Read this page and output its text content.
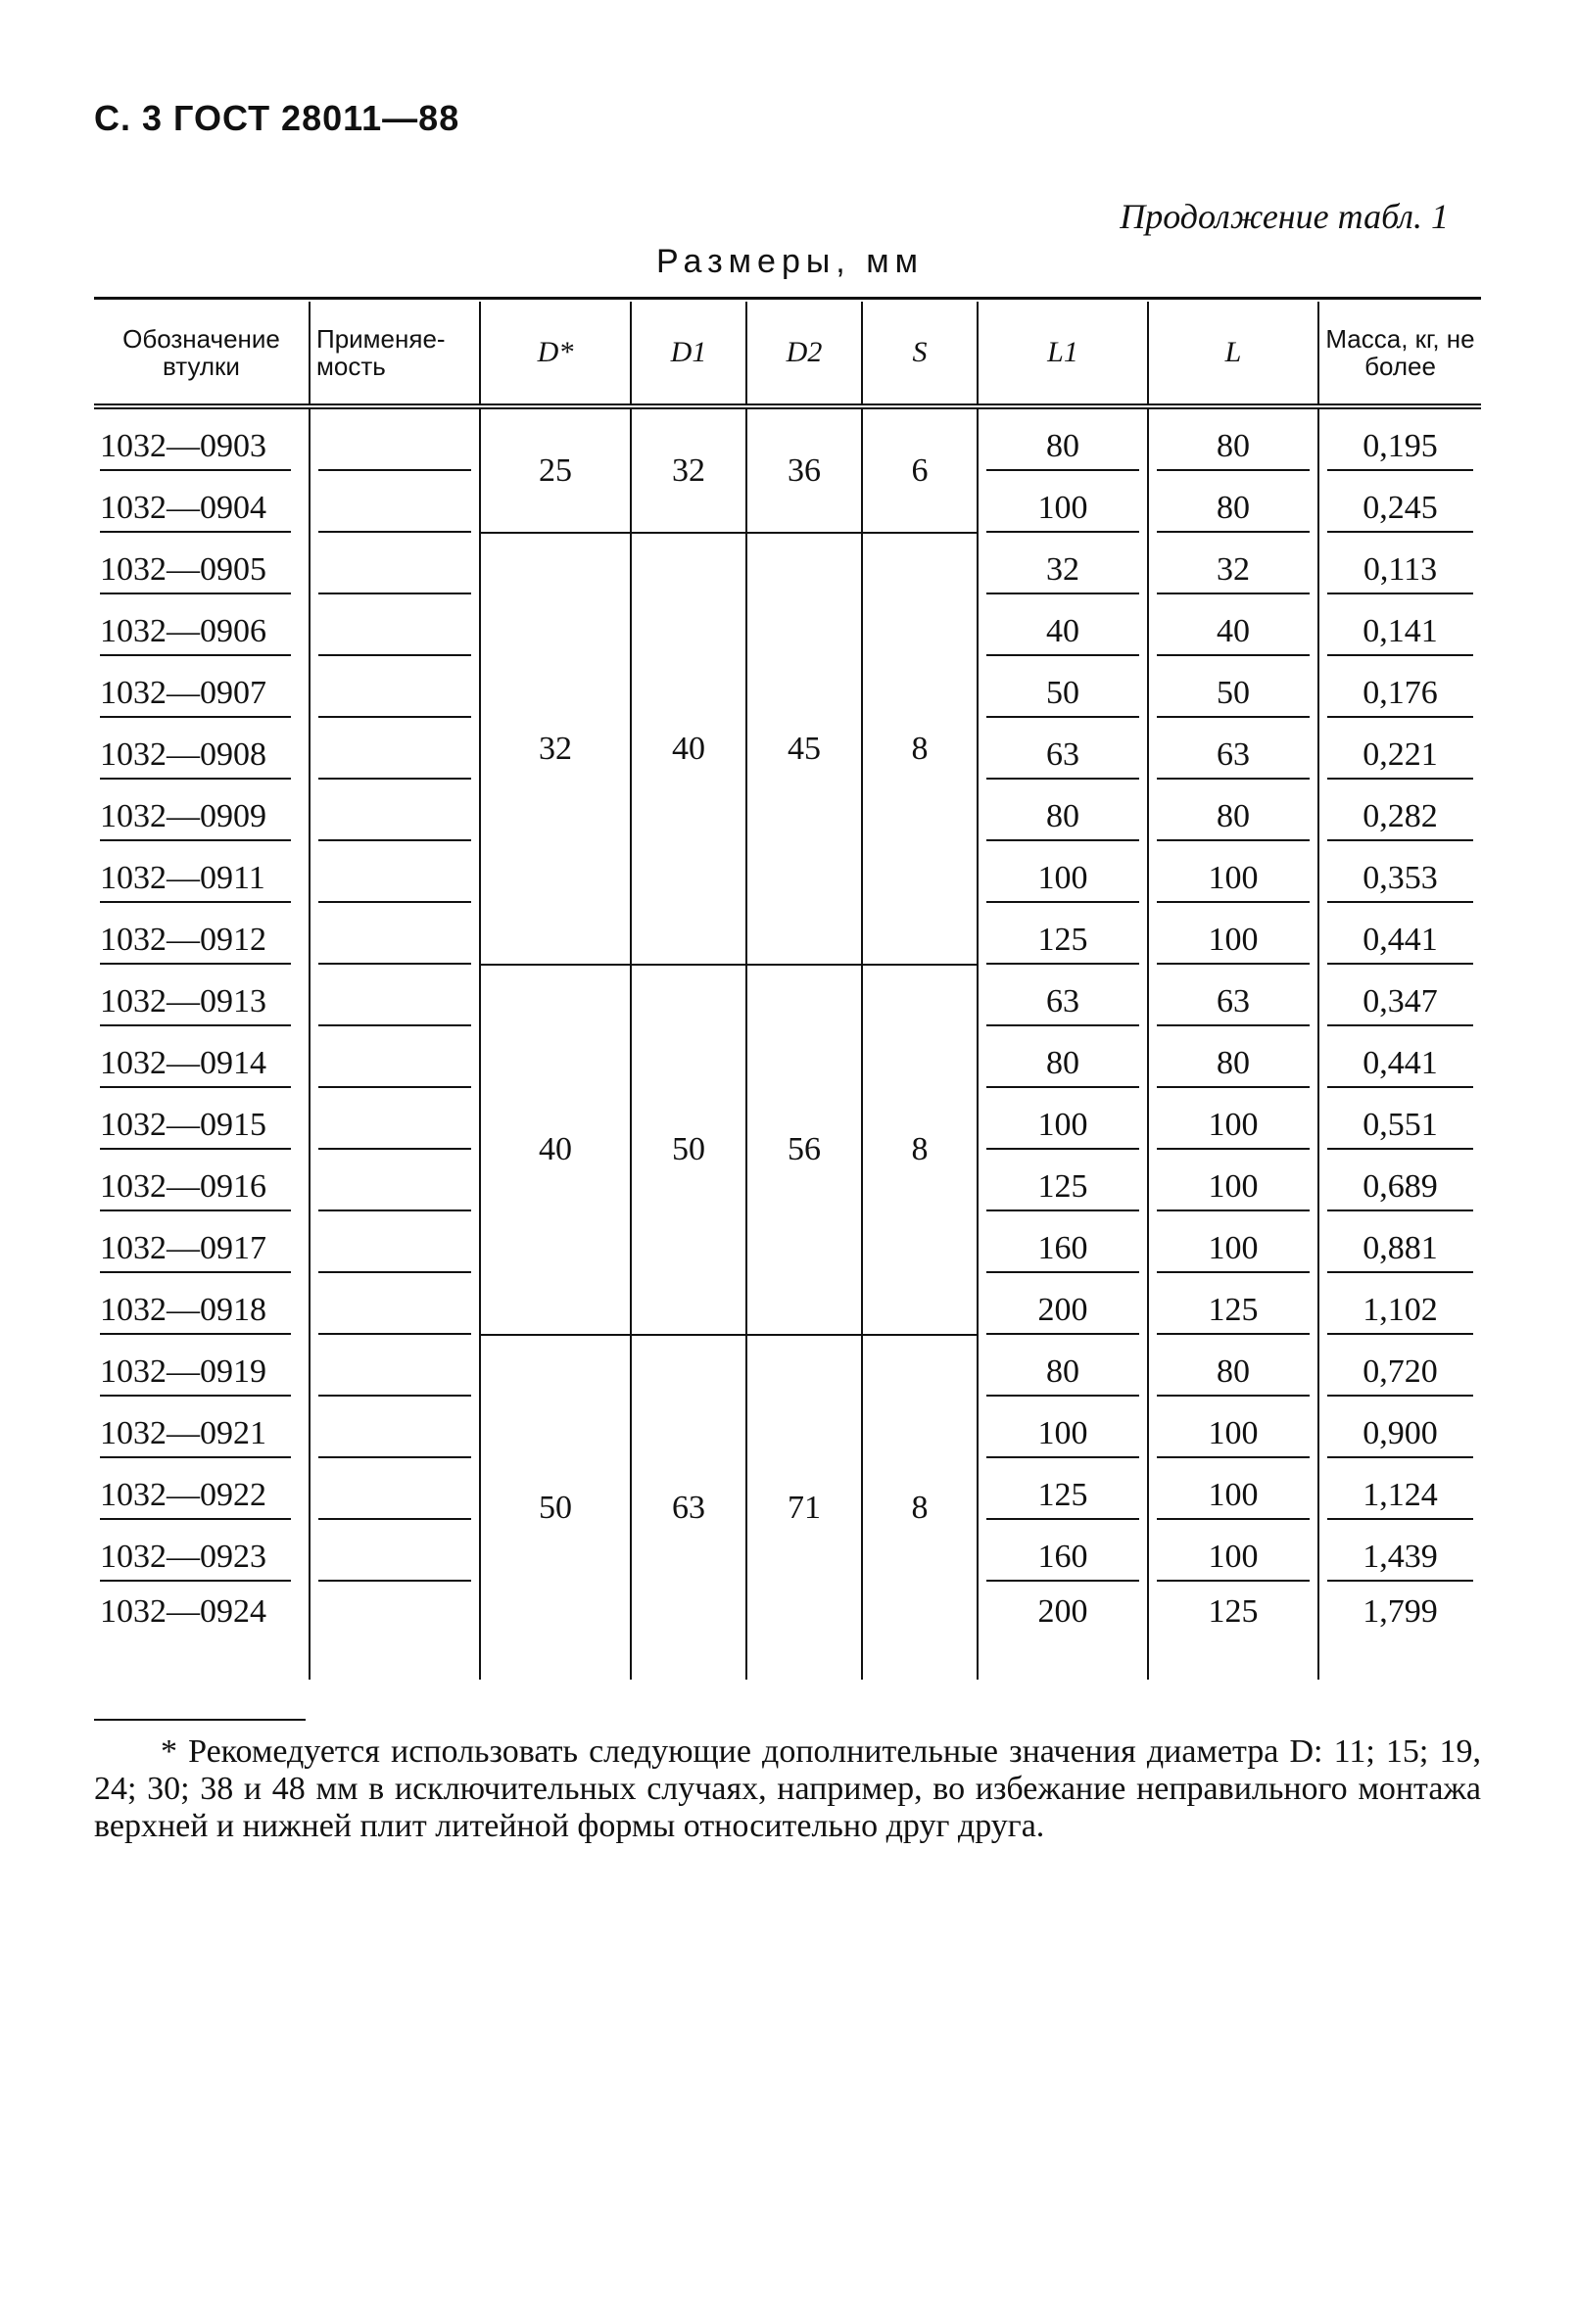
С. 3 ГОСТ 28011—88
Продолжение табл. 1
Размеры, мм
Обозначение втулки	Применяе-мость	D*	D1	D2	S	L1	L	Масса, кг, не более

1032—0903		25	32	36	6	80	80	0,195

1032—0904						100	80	0,245

1032—0905		32	40	45	8	32	32	0,113

1032—0906						40	40	0,141

1032—0907						50	50	0,176

1032—0908						63	63	0,221

1032—0909						80	80	0,282

1032—0911						100	100	0,353

1032—0912						125	100	0,441

1032—0913		40	50	56	8	63	63	0,347

1032—0914						80	80	0,441

1032—0915						100	100	0,551

1032—0916						125	100	0,689

1032—0917						160	100	0,881

1032—0918						200	125	1,102

1032—0919		50	63	71	8	80	80	0,720

1032—0921						100	100	0,900

1032—0922						125	100	1,124

1032—0923						160	100	1,439

1032—0924						200	125	1,799
* Рекомедуется использовать следующие дополнительные значения диаметра D: 11; 15; 19, 24; 30; 38 и 48 мм в исключительных случаях, например, во избежание неправильного монтажа верхней и нижней плит литейной формы относительно друг друга.
